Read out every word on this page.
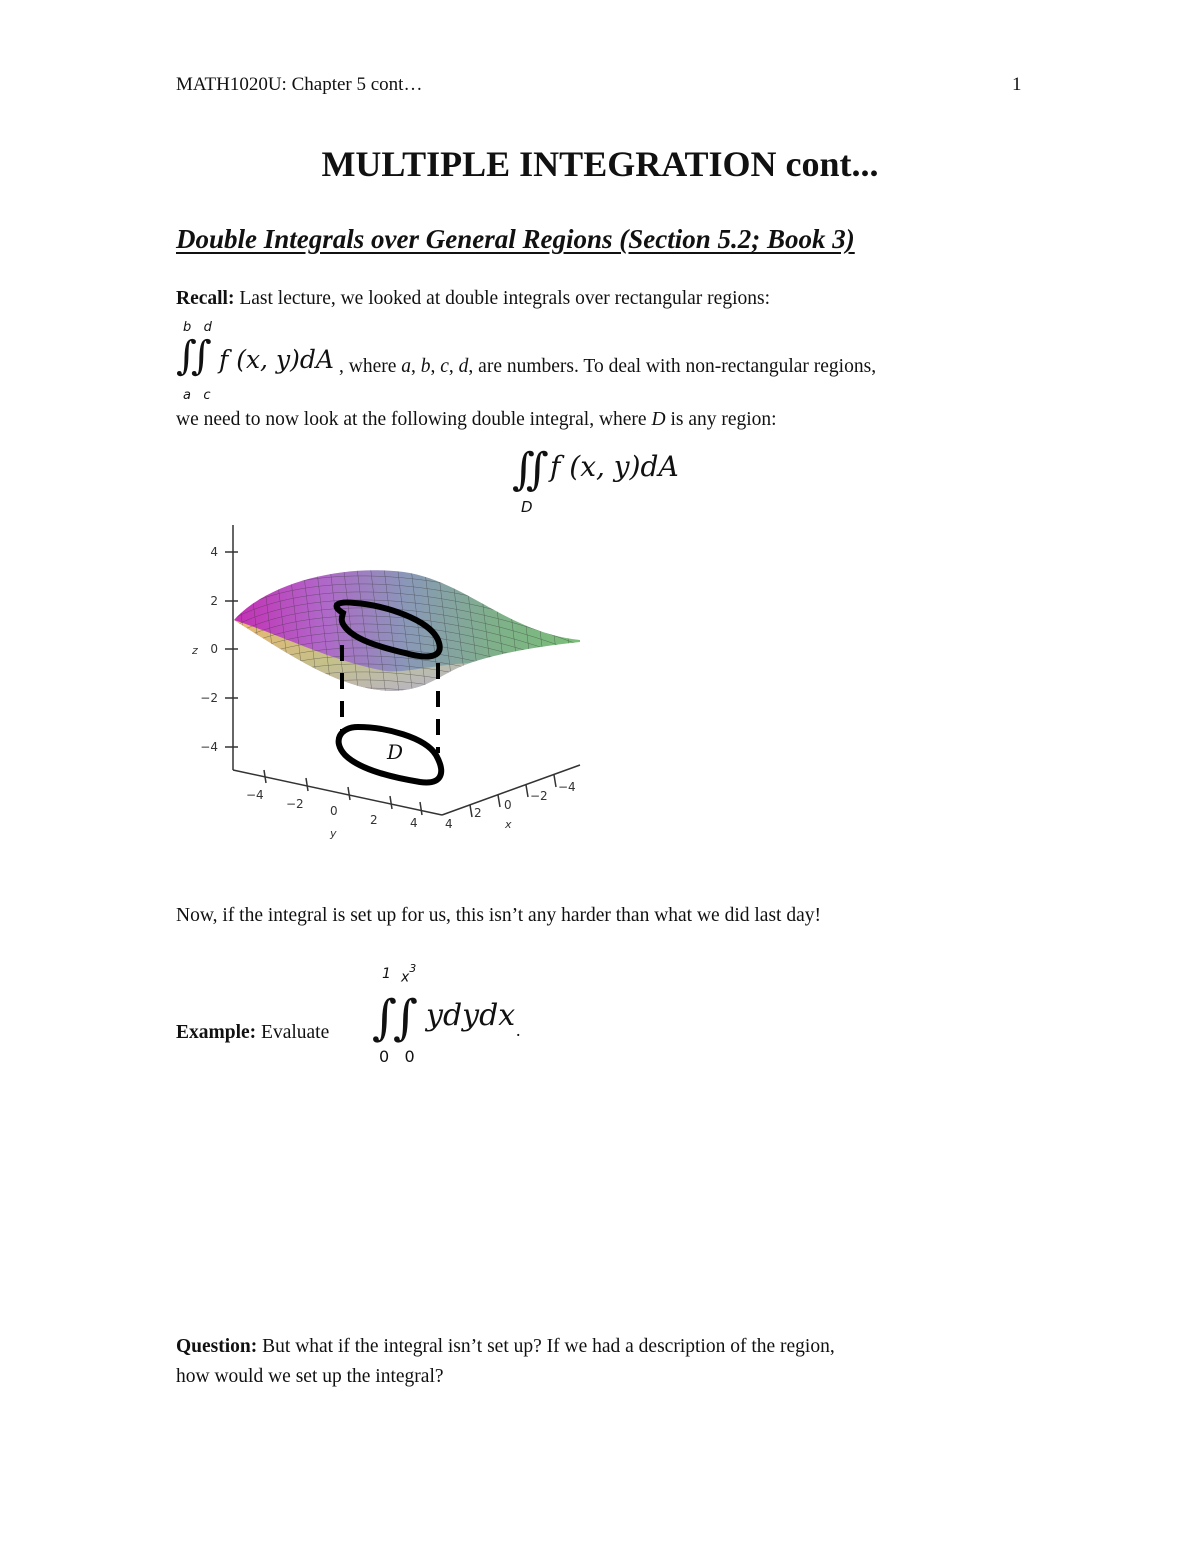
MATH1020U: Chapter 5 cont…	1
MULTIPLE INTEGRATION cont...
Double Integrals over General Regions (Section 5.2; Book 3)
Recall: Last lecture, we looked at double integrals over rectangular regions:
b   d
∫∫
a   c
f (x, y)dA , where a, b, c, d, are numbers. To deal with non-rectangular regions,
we need to now look at the following double integral, where D is any region:
∫∫ f (x, y)dA
D
4
2
0
−2
−4
z
−4
−2 0
2	4
y
4
2
0
−2
−4
x
D
Now, if the integral is set up for us, this isn’t any harder than what we did last day!
Example: Evaluate
1 $x^3$
∫∫ ydydx .
0   0
Question: But what if the integral isn’t set up? If we had a description of the region,
how would we set up the integral?
